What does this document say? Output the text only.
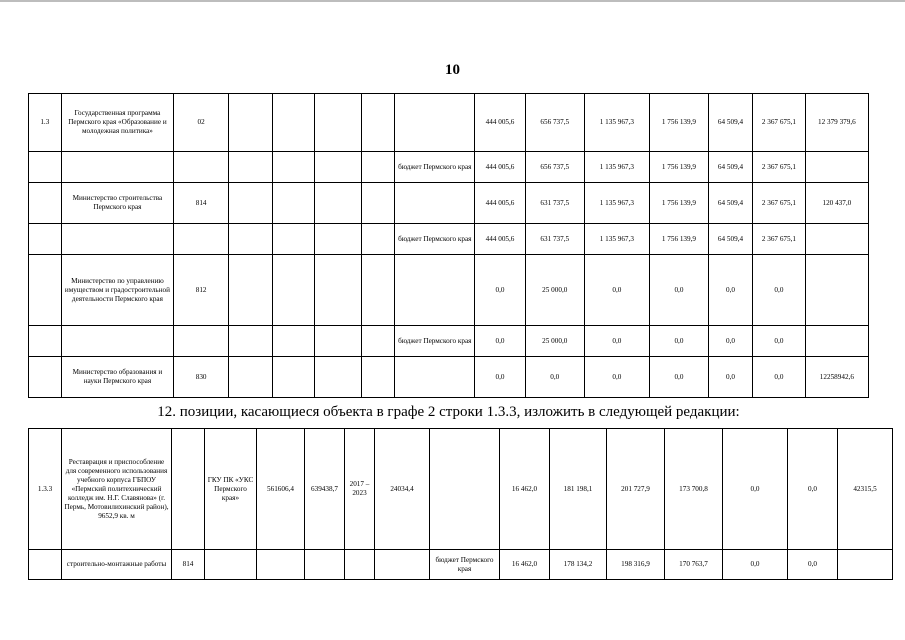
10
1.3	Государственная программа Пермского края «Образование и молодежная политика»	02						444 005,6	656 737,5	1 135 967,3	1 756 139,9	64 509,4	2 367 675,1	12 379 379,6
							бюджет Пермского края	444 005,6	656 737,5	1 135 967,3	1 756 139,9	64 509,4	2 367 675,1	
	Министерство строительства Пермского края	814						444 005,6	631 737,5	1 135 967,3	1 756 139,9	64 509,4	2 367 675,1	120 437,0
							бюджет Пермского края	444 005,6	631 737,5	1 135 967,3	1 756 139,9	64 509,4	2 367 675,1	
	Министерство по управлению имуществом и градостроительной деятельности Пермского края	812						0,0	25 000,0	0,0	0,0	0,0	0,0	
							бюджет Пермского края	0,0	25 000,0	0,0	0,0	0,0	0,0	
	Министерство образования и науки Пермского края	830						0,0	0,0	0,0	0,0	0,0	0,0	12258942,6
12. позиции, касающиеся объекта в графе 2 строки 1.3.3, изложить в следующей редакции:
1.3.3	Реставрация и приспособление для современного использования учебного корпуса ГБПОУ «Пермский политехнический колледж им. Н.Г. Славянова» (г. Пермь, Мотовилихинский район), 9652,9 кв. м		ГКУ ПК «УКС Пермского края»	561606,4	639438,7	2017 – 2023	24034,4		16 462,0	181 198,1	201 727,9	173 700,8	0,0	0,0	42315,5
	строительно-монтажные работы	814						бюджет Пермского края	16 462,0	178 134,2	198 316,9	170 763,7	0,0	0,0	
